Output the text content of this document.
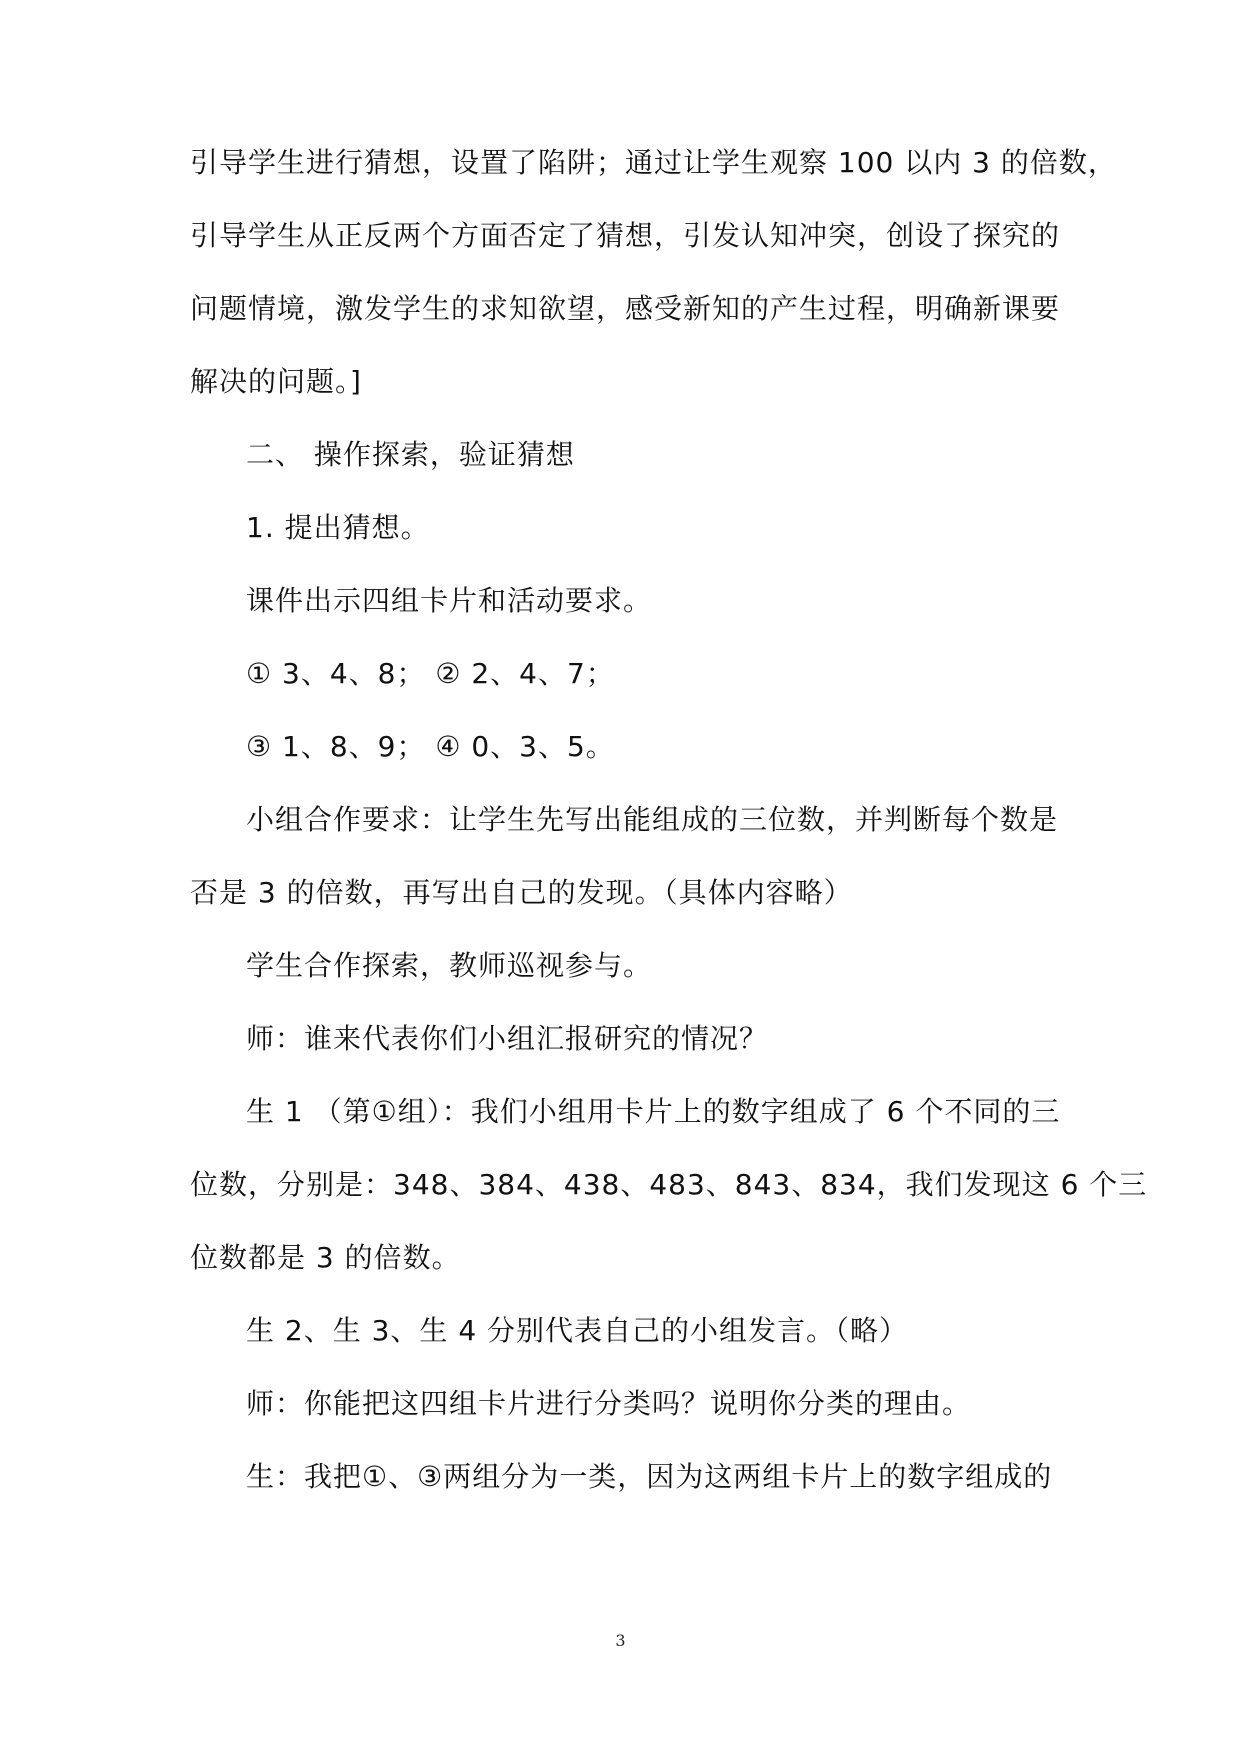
引导学生进行猜想，设置了陷阱；通过让学生观察 100 以内 3 的倍数，
引导学生从正反两个方面否定了猜想，引发认知冲突，创设了探究的
问题情境，激发学生的求知欲望，感受新知的产生过程，明确新课要
解决的问题。]
二、 操作探索，验证猜想
1. 提出猜想。
课件出示四组卡片和活动要求。
① 3、4、8； ② 2、4、7；
③ 1、8、9； ④ 0、3、5。
小组合作要求：让学生先写出能组成的三位数，并判断每个数是
否是 3 的倍数，再写出自己的发现。（具体内容略）
学生合作探索，教师巡视参与。
师：谁来代表你们小组汇报研究的情况？
生 1 （第①组）：我们小组用卡片上的数字组成了 6 个不同的三
位数，分别是：348、384、438、483、843、834，我们发现这 6 个三
位数都是 3 的倍数。
生 2、生 3、生 4 分别代表自己的小组发言。（略）
师：你能把这四组卡片进行分类吗？说明你分类的理由。
生：我把①、③两组分为一类，因为这两组卡片上的数字组成的
3
